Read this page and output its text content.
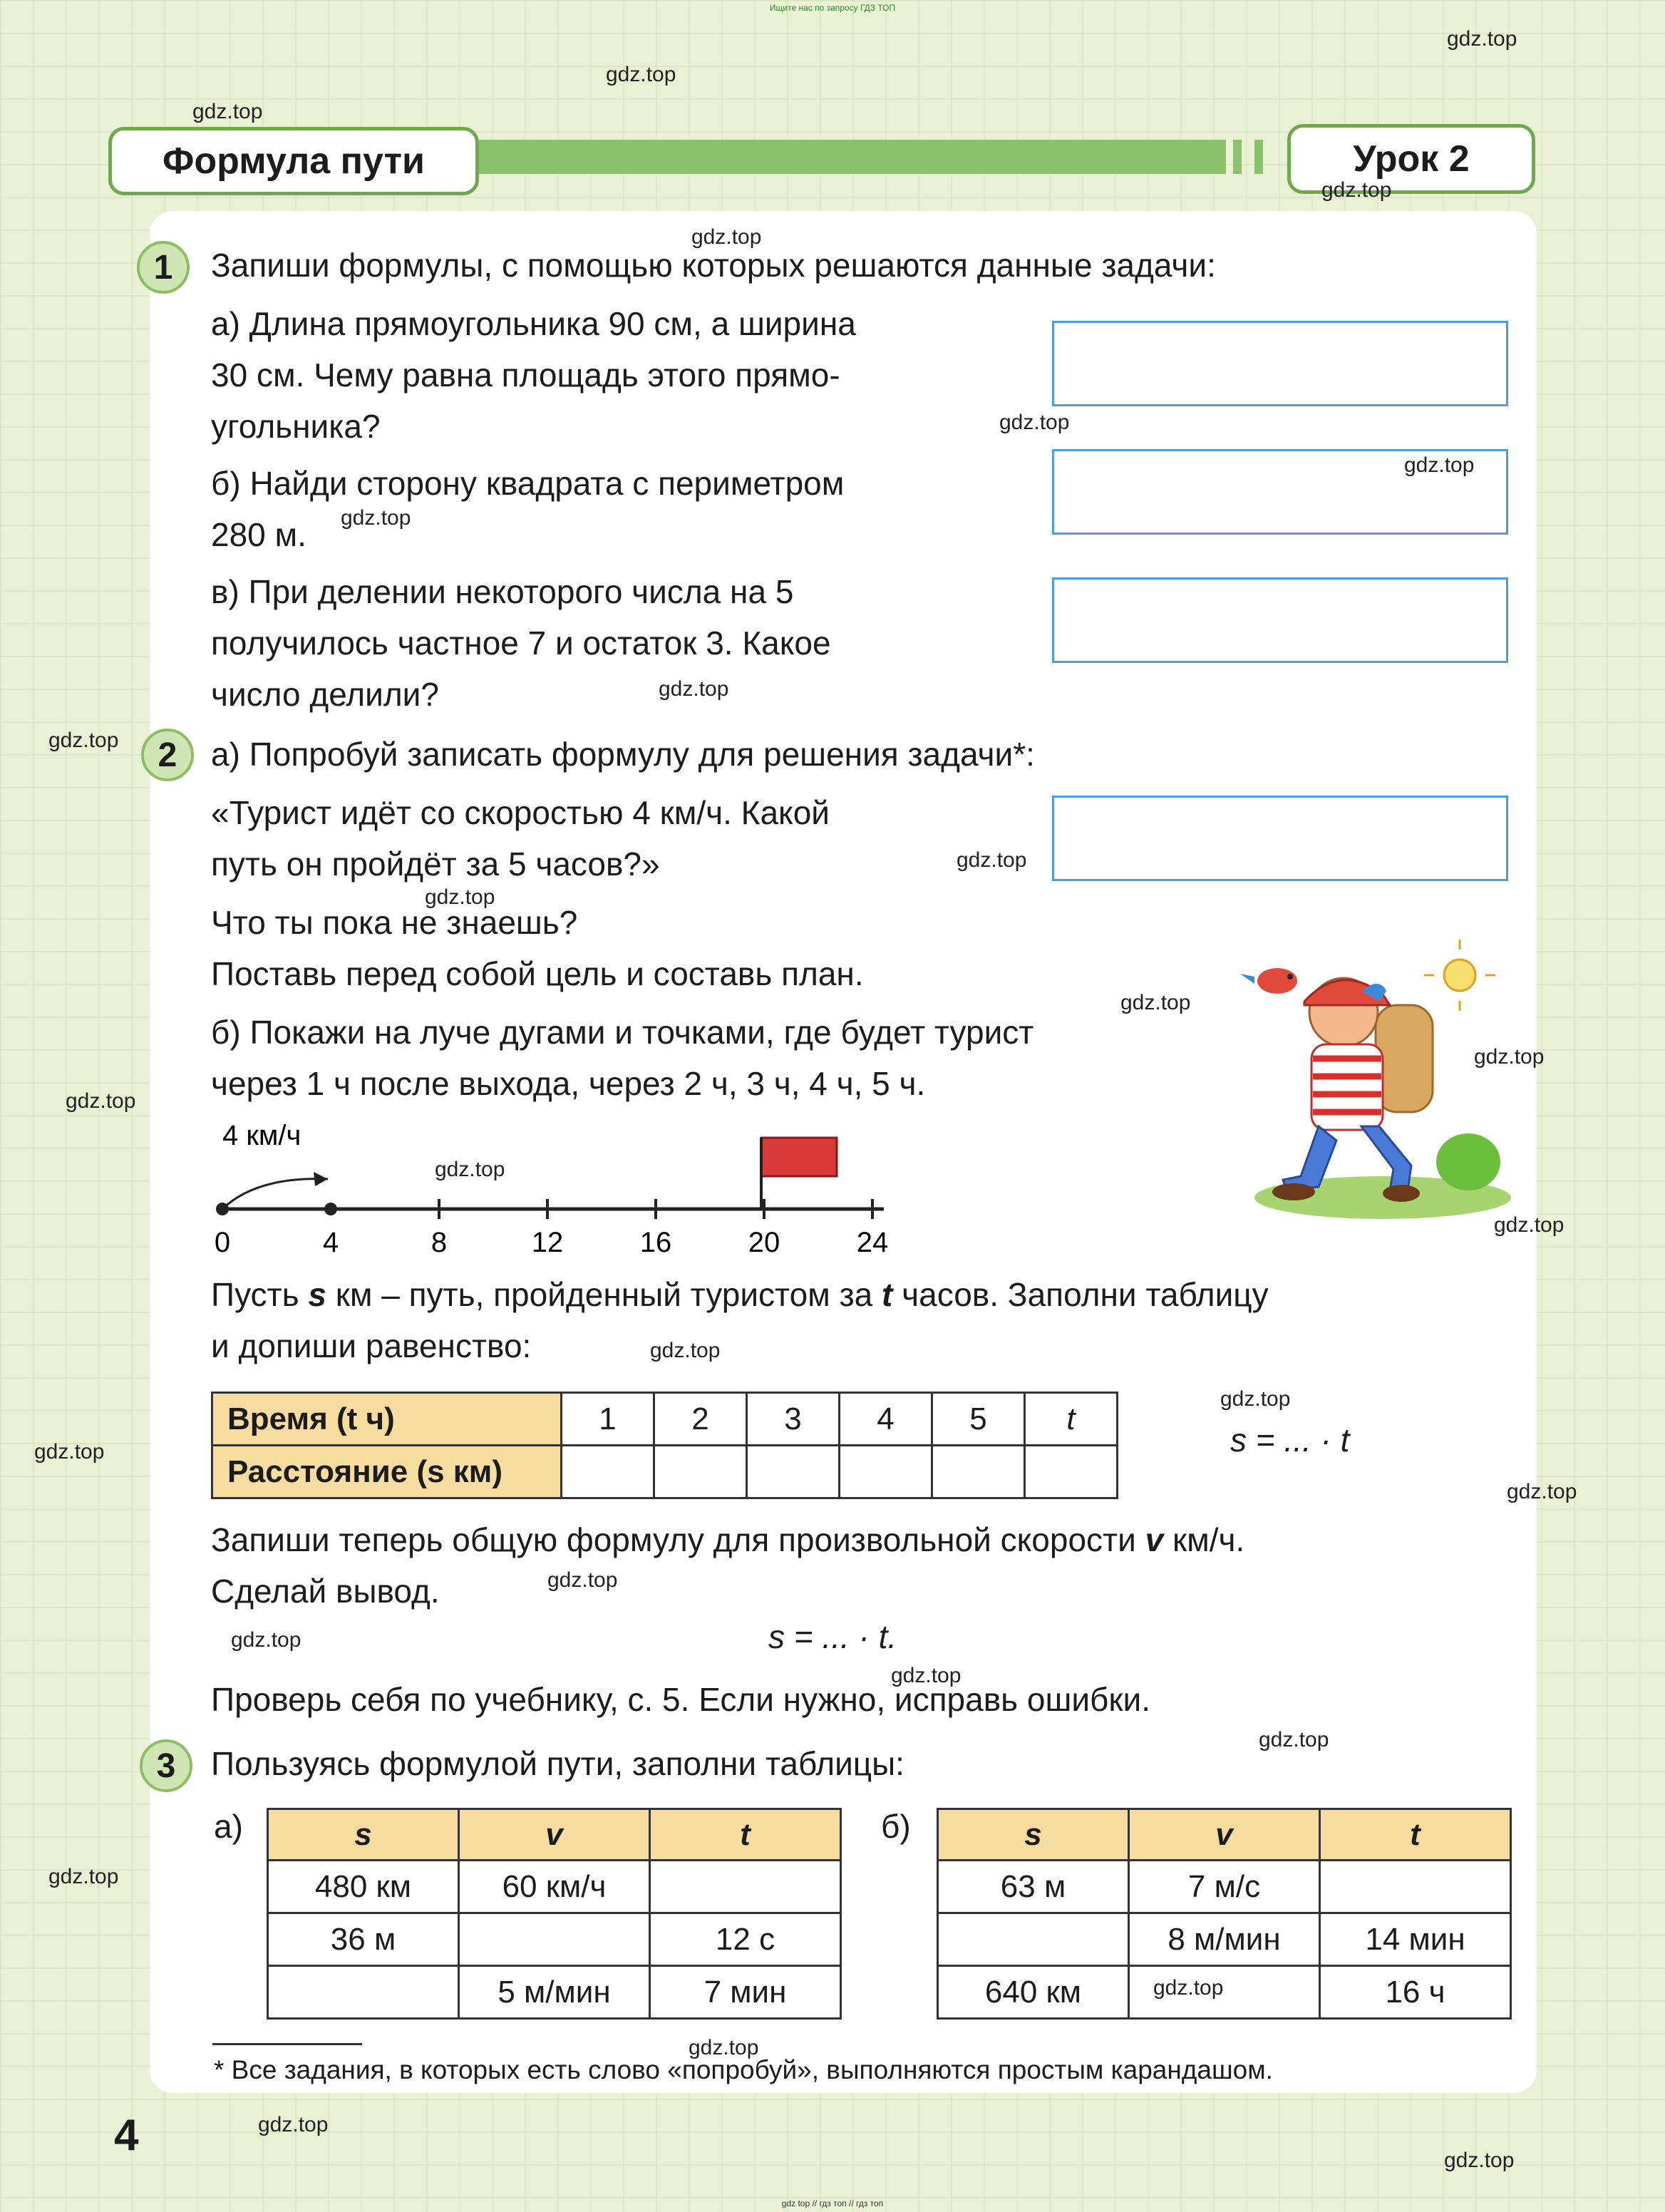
Ищите нас по запросу ГДЗ ТОП
Формула пути	Урок 2
1	Запиши формулы, с помощью которых решаются данные задачи:
а) Длина прямоугольника 90 см, а ширина
30 см. Чему равна площадь этого прямо-
угольника?
б) Найди сторону квадрата с периметром
280 м.
в) При делении некоторого числа на 5
получилось частное 7 и остаток 3. Какое
число делили?
2	а) Попробуй записать формулу для решения задачи*:
«Турист идёт со скоростью 4 км/ч. Какой
путь он пройдёт за 5 часов?»
Что ты пока не знаешь?
Поставь перед собой цель и составь план.
б) Покажи на луче дугами и точками, где будет турист
через 1 ч после выхода, через 2 ч, 3 ч, 4 ч, 5 ч.
4 км/ч
0	4	8	12	16	20	24
Пусть s км – путь, пройденный туристом за t часов. Заполни таблицу
и допиши равенство:
Время (t ч)	1	2	3	4	5	t
Расстояние (s км)						
s = ... · t
Запиши теперь общую формулу для произвольной скорости v км/ч.
Сделай вывод.
s = ... · t.
Проверь себя по учебнику, с. 5. Если нужно, исправь ошибки.
3	Пользуясь формулой пути, заполни таблицы:
а)	б)
s	v	t
480 км	60 км/ч	
36 м		12 с
	5 м/мин	7 мин
s	v	t
63 м	7 м/с	
	8 м/мин	14 мин
640 км		16 ч
* Все задания, в которых есть слово «попробуй», выполняются простым карандашом.
4
gdz.top
gdz.top
gdz.top
gdz.top
gdz.top
gdz.top
gdz.top
gdz.top
gdz.top
gdz.top
gdz.top
gdz.top
gdz.top
gdz.top
gdz.top
gdz.top
gdz.top
gdz.top
gdz.top
gdz.top
gdz.top
gdz.top
gdz.top
gdz.top
gdz.top
gdz.top
gdz.top
gdz.top
gdz.top
gdz.top
gdz top // гдз топ // гдз топ
